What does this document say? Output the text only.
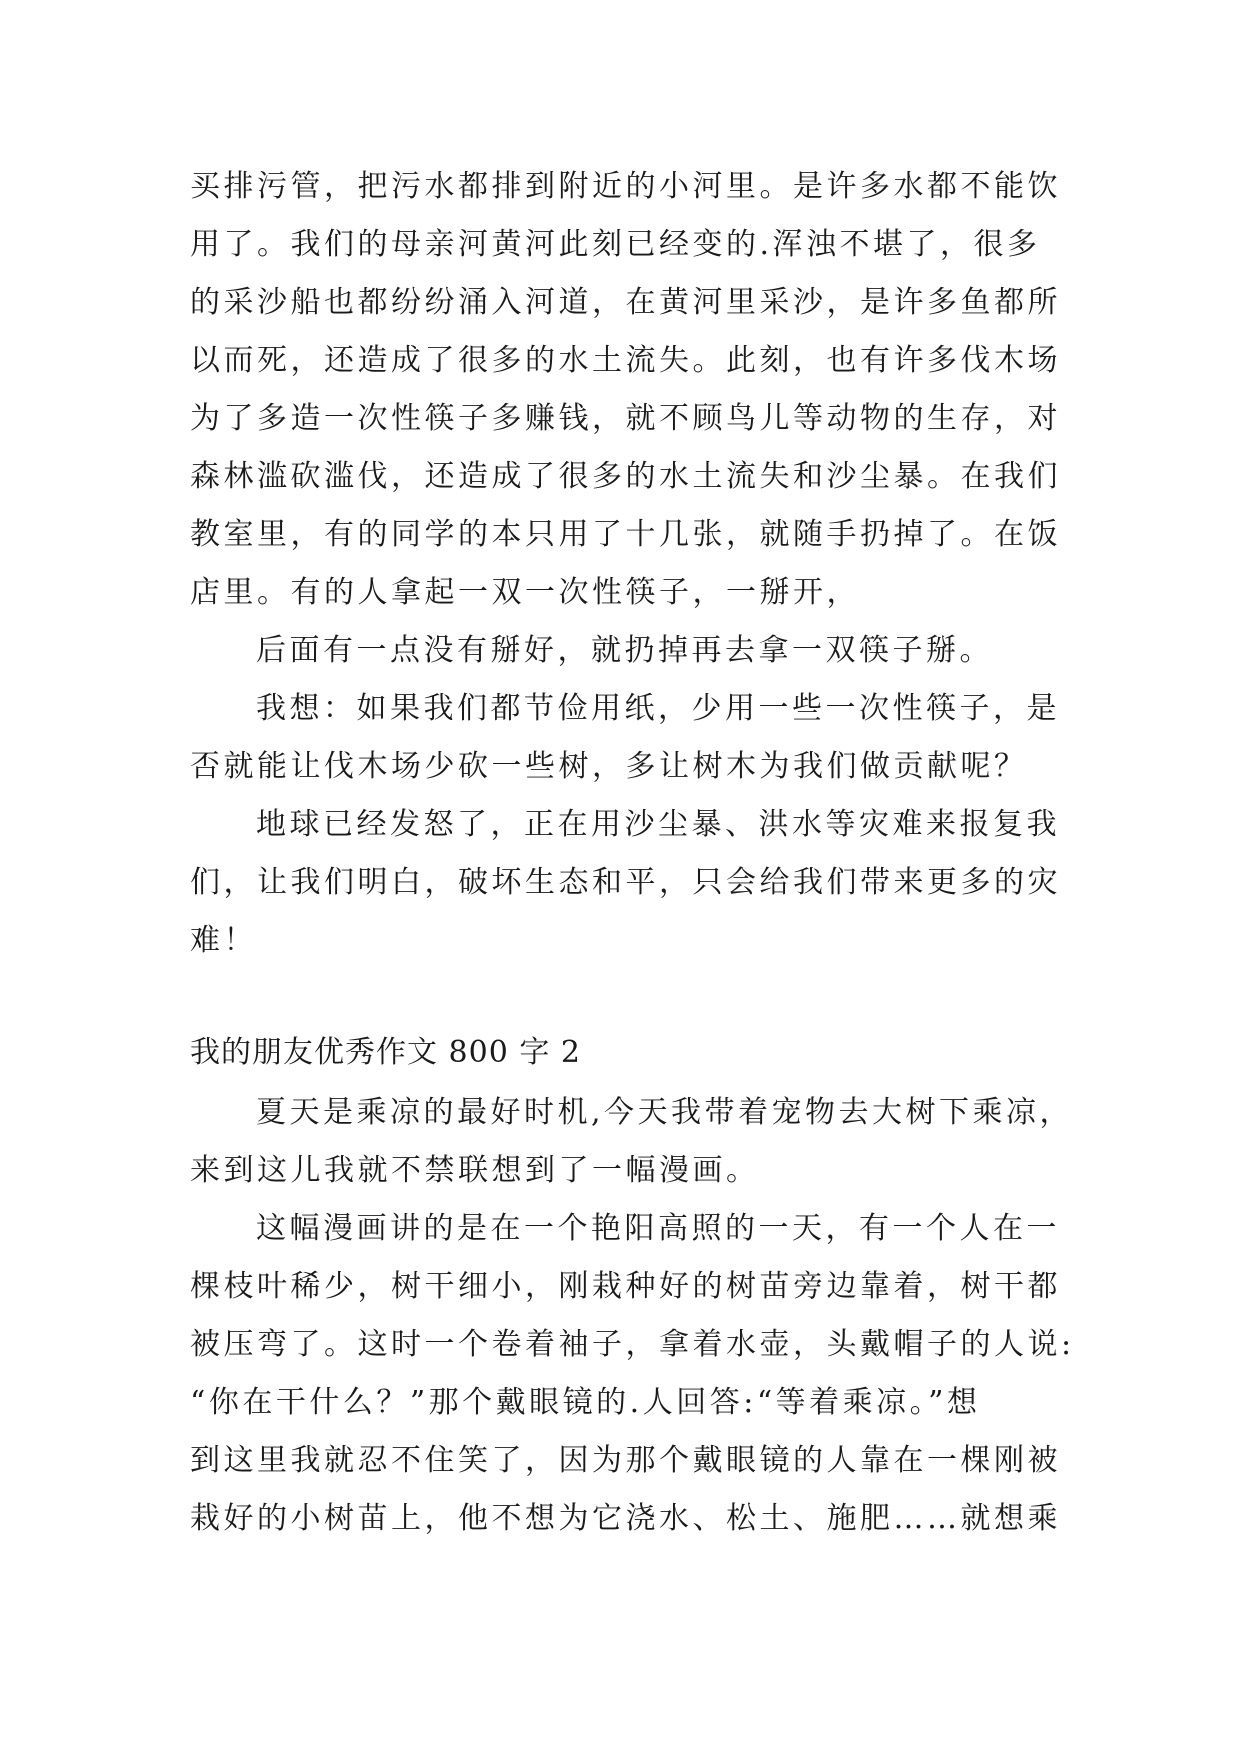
买排污管，把污水都排到附近的小河里。是许多水都不能饮
用了。我们的母亲河黄河此刻已经变的.浑浊不堪了，很多
的采沙船也都纷纷涌入河道，在黄河里采沙，是许多鱼都所
以而死，还造成了很多的水土流失。此刻，也有许多伐木场
为了多造一次性筷子多赚钱，就不顾鸟儿等动物的生存，对
森林滥砍滥伐，还造成了很多的水土流失和沙尘暴。在我们
教室里，有的同学的本只用了十几张，就随手扔掉了。在饭
店里。有的人拿起一双一次性筷子，一掰开，
后面有一点没有掰好，就扔掉再去拿一双筷子掰。
我想：如果我们都节俭用纸，少用一些一次性筷子，是
否就能让伐木场少砍一些树，多让树木为我们做贡献呢？
地球已经发怒了，正在用沙尘暴、洪水等灾难来报复我
们，让我们明白，破坏生态和平，只会给我们带来更多的灾
难！
我的朋友优秀作文 800 字 2
夏天是乘凉的最好时机,今天我带着宠物去大树下乘凉，
来到这儿我就不禁联想到了一幅漫画。
这幅漫画讲的是在一个艳阳高照的一天，有一个人在一
棵枝叶稀少，树干细小，刚栽种好的树苗旁边靠着，树干都
被压弯了。这时一个卷着袖子，拿着水壶，头戴帽子的人说:
“你在干什么？”那个戴眼镜的.人回答:“等着乘凉。”想
到这里我就忍不住笑了，因为那个戴眼镜的人靠在一棵刚被
栽好的小树苗上，他不想为它浇水、松土、施肥……就想乘
